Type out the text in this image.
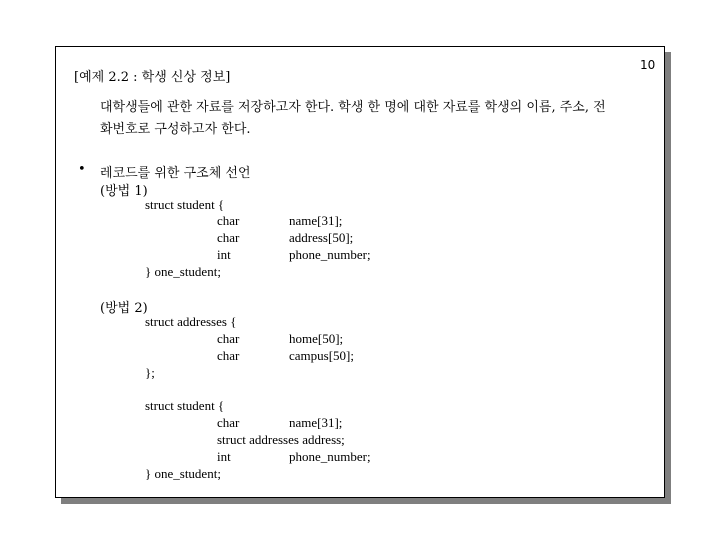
10
[예제 2.2 : 학생 신상 정보]
대학생들에 관한 자료를 저장하고자 한다. 학생 한 명에 대한 자료를 학생의 이름, 주소, 전
화번호로 구성하고자 한다.
• 레코드를 위한 구조체 선언
(방법 1)
struct student {
char	name[31];
char	address[50];
int	phone_number;
} one_student;
(방법 2)
struct addresses {
char	home[50];
char	campus[50];
};
struct student {
char	name[31];
struct addresses address;
int	phone_number;
} one_student;
